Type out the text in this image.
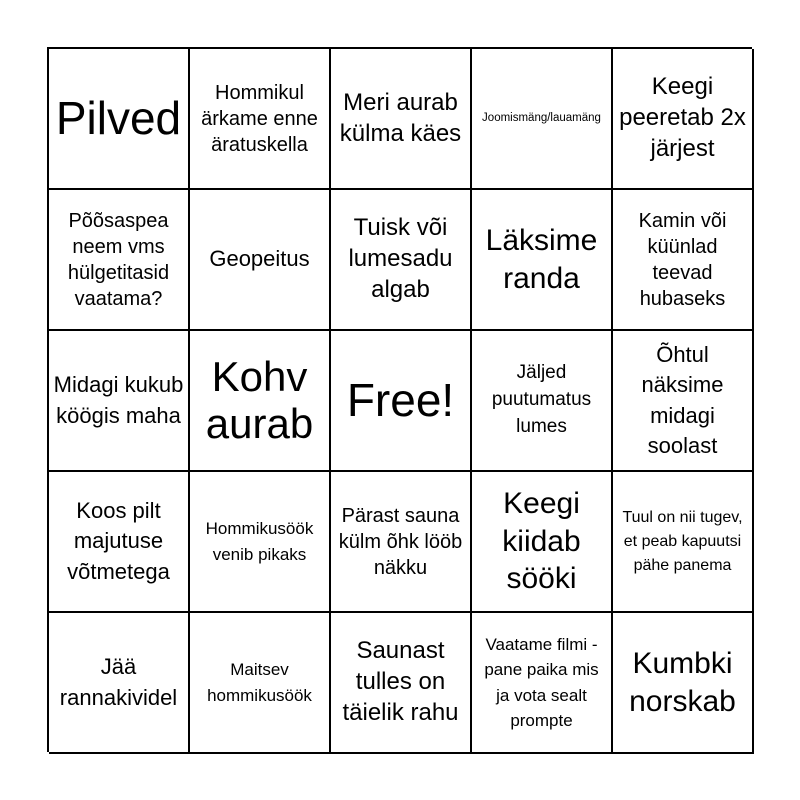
Pilved	Hommikul ärkame enne äratuskella
Meri aurab külma käes
Joomismäng/lauamäng
Keegi peeretab 2x järjest
Põõsaspea neem vms hülgetitasid vaatama?
Geopeitus
Tuisk või lumesadu algab
Läksime randa
Kamin või küünlad teevad hubaseks
Midagi kukub köögis maha
Kohv aurab Free!
Jäljed puutumatus lumes
Õhtul näksime midagi soolast
Koos pilt majutuse võtmetega
Hommikusöök venib pikaks
Pärast sauna külm õhk lööb näkku
Keegi kiidab sööki
Tuul on nii tugev, et peab kapuutsi pähe panema
Jää rannakividel
Maitsev hommikusöök
Saunast tulles on täielik rahu
Vaatame filmi - pane paika mis ja vota sealt prompte
Kumbki norskab
